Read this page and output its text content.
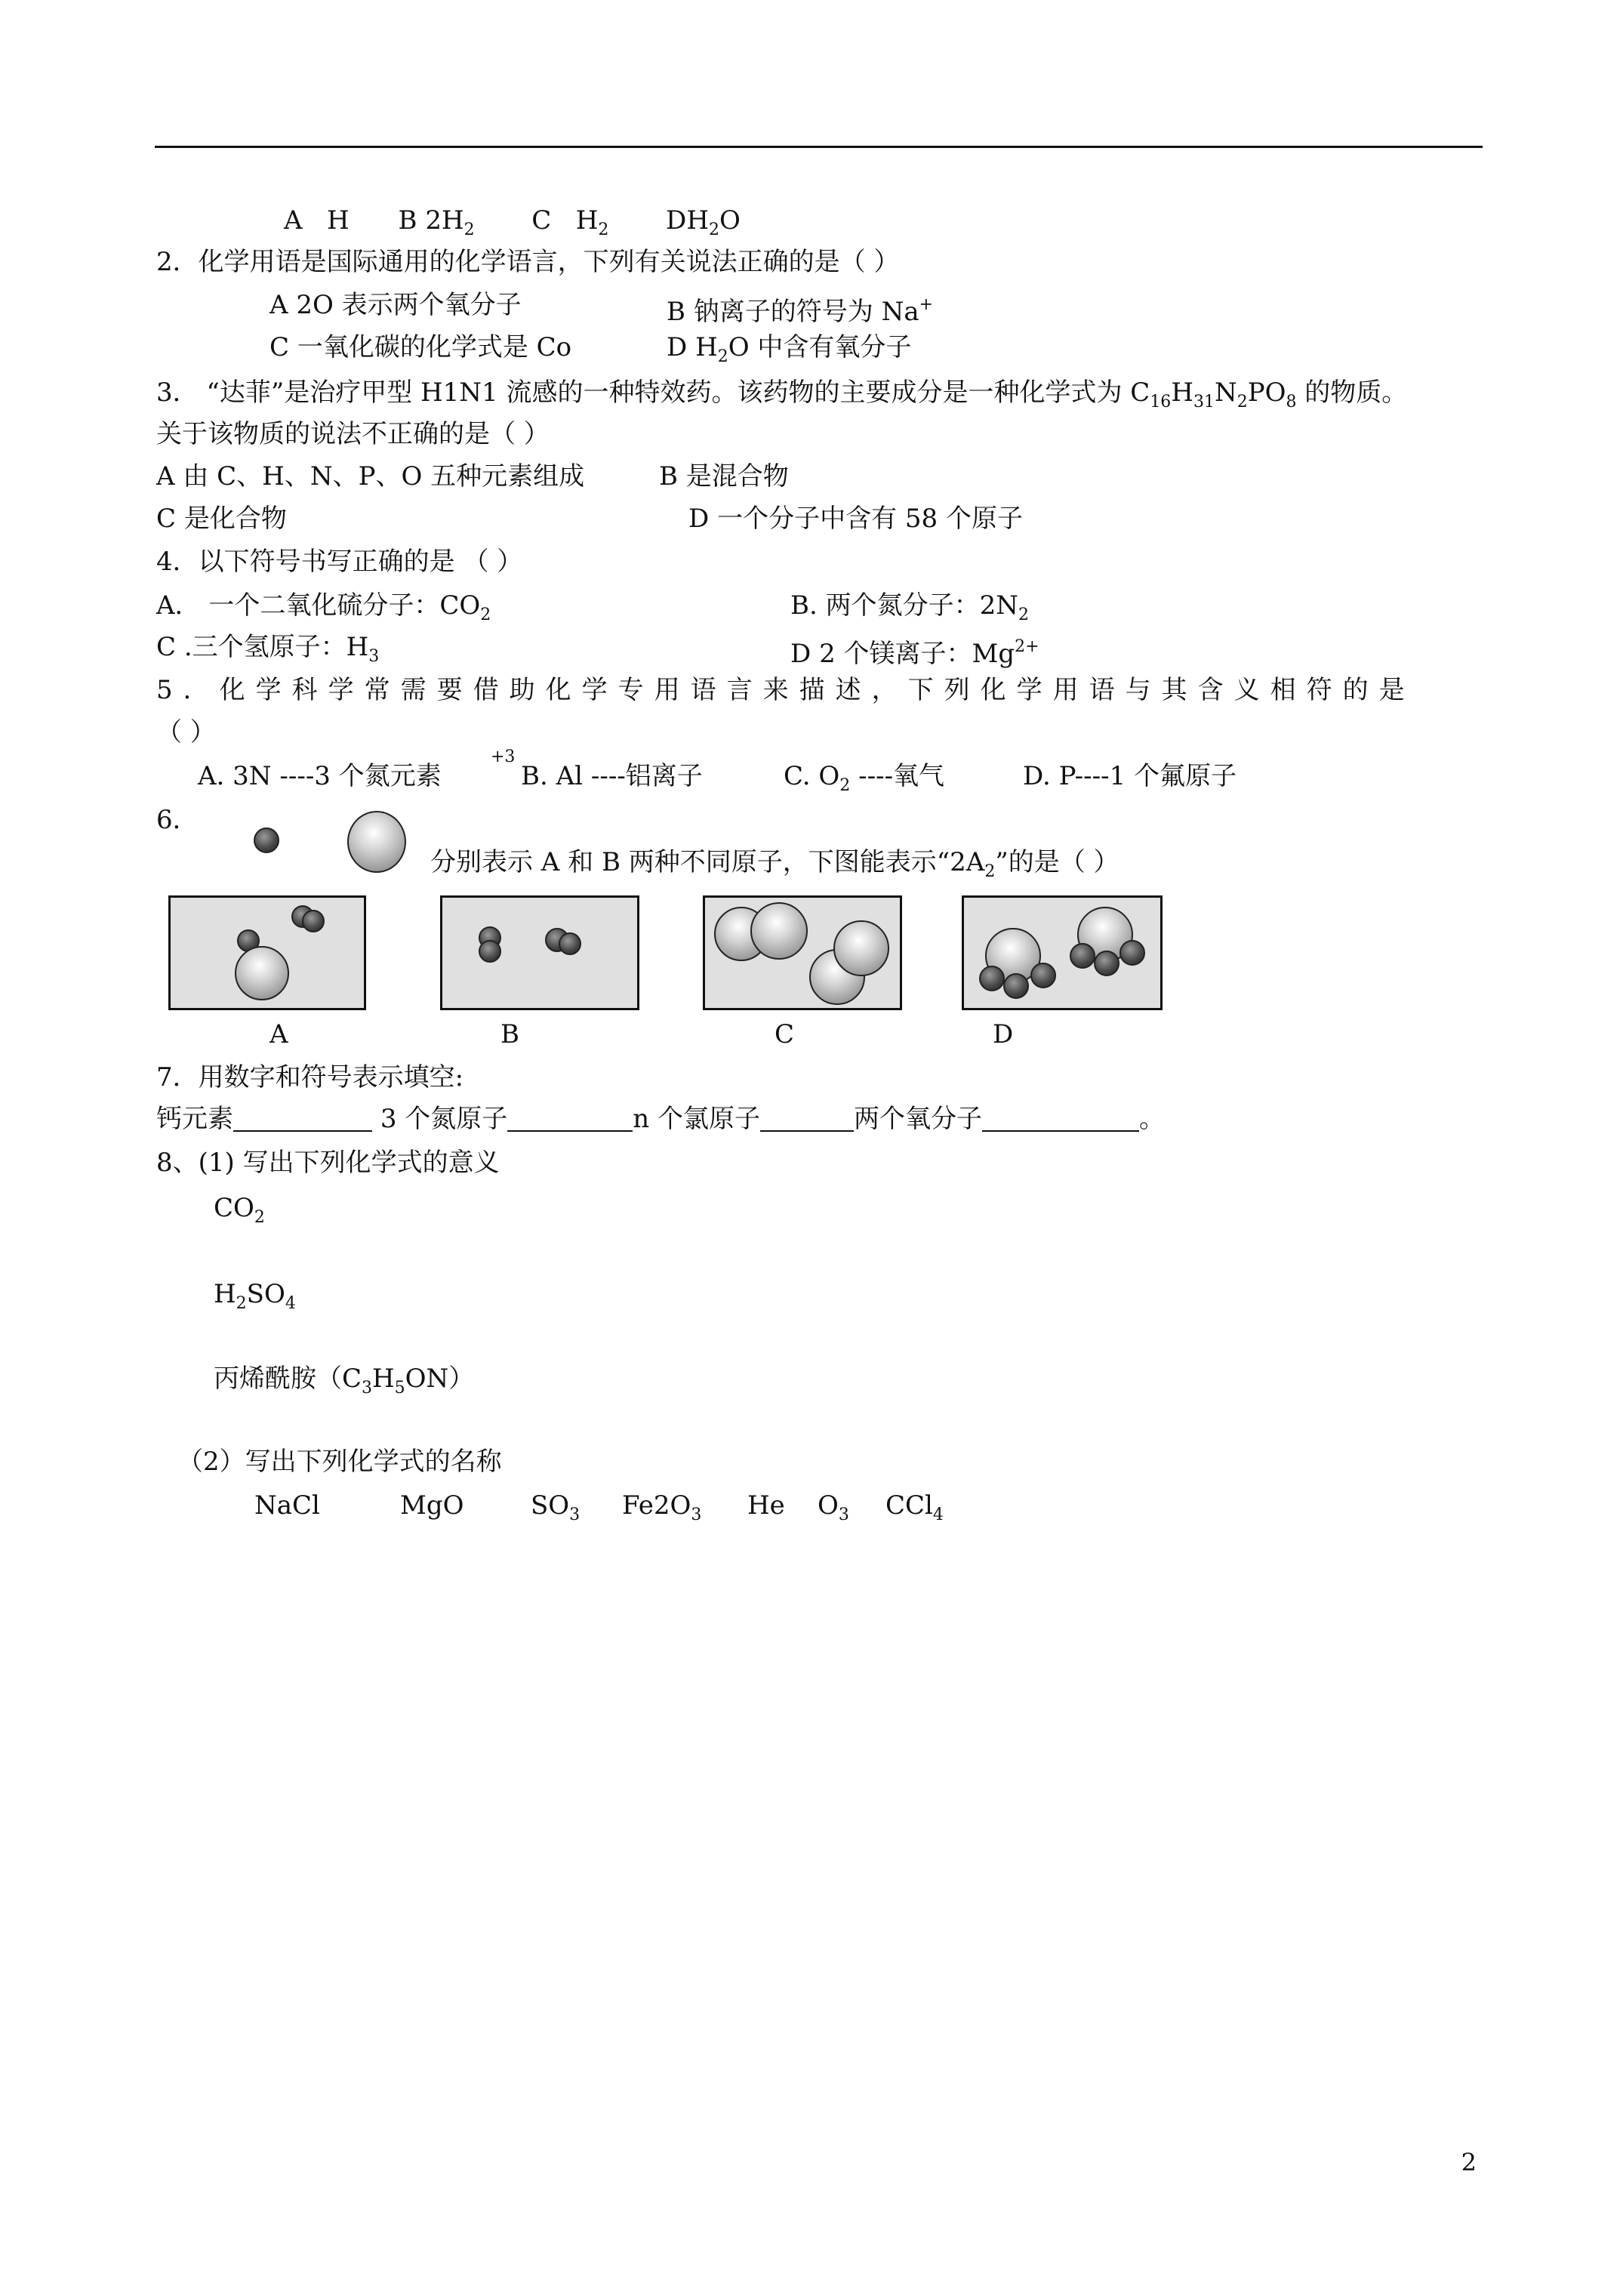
A H B $2H_2$ C $H_2$ $DH_2O$
2．化学用语是国际通用的化学语言，下列有关说法正确的是（ ）
A 2O 表示两个氧分子	B 钠离子的符号为 Na+
C 一氧化碳的化学式是 Co	D $H_2O$ 中含有氧分子
3． “达菲”是治疗甲型 H1N1 流感的一种特效药。该药物的主要成分是一种化学式为 $C_{16}H_{31}N_2PO_8$ 的物质。
关于该物质的说法不正确的是（ ）
A 由 C、H、N、P、O 五种元素组成	B 是混合物
C 是化合物	D 一个分子中含有 58 个原子
4．以下符号书写正确的是 （ ）
A． 一个二氧化硫分子：$CO_2$	B. 两个氮分子：$2N_2$
C .三个氢原子：$H_3$	D 2 个镁离子：$Mg^{2+}$
5．化学科学常需要借助化学专用语言来描述，下列化学用语与其含义相符的是
（ ）
+3
A. 3N ----3 个氮元素	B. Al ----铝离子	C. $O_2$ ----氧气	D. P----1 个氟原子
6．
分别表示 A 和 B 两种不同原子，下图能表示“$2A_2$”的是（ ）
A	B	C	D
7．用数字和符号表示填空:
钙元素	3 个氮原子	n 个氯原子	两个氧分子	。
8、(1) 写出下列化学式的意义
$CO_2$
$H_2SO_4$
丙烯酰胺$(C_3H_5ON)$
（2）写出下列化学式的名称
NaCl	MgO	$SO_3$ $Fe2O_3$ He $O_3$ CCl$_4$
2
